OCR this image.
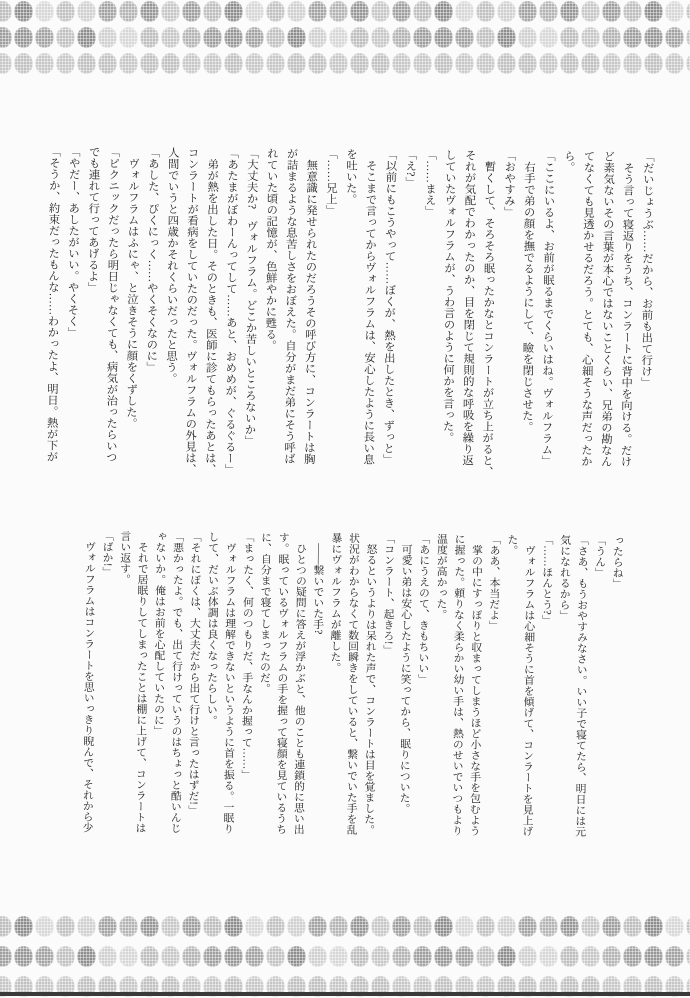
「だいじょうぶ……だから、お前も出て行け」
　そう言って寝返りをうち、コンラートに背中を向ける。だけ
ど素気ないその言葉が本心ではないことくらい、兄弟の勘なん
てなくても見透かせるだろう。とても、心細そうな声だったか
ら。
「ここにいるよ、お前が眠るまでくらいはね。ヴォルフラム」
　右手で弟の顔を撫でるようにして、瞼を閉じさせた。
「おやすみ」
　暫くして、そろそろ眠ったかなとコンラートが立ち上がると、
それが気配でわかったのか、目を閉じて規則的な呼吸を繰り返
していたヴォルフラムが、うわ言のように何かを言った。
「……まえ」
「え?」
「以前にもこうやって……ぼくが、熱を出したとき、ずっと」
　そこまで言ってからヴォルフラムは、安心したように長い息
を吐いた。
「……兄上」
　無意識に発せられたのだろうその呼び方に、コンラートは胸
が詰まるような息苦しさをおぼえた。自分がまだ弟にそう呼ば
れていた頃の記憶が、色鮮やかに甦る。
「大丈夫か?　ヴォルフラム。どこか苦しいところないか」
「あたまがぼわーんってして……あと、おめめが、ぐるぐるー」
　弟が熱を出した日。そのときも、医師に診てもらったあとは、
コンラートが看病をしていたのだった。ヴォルフラムの外見は、
人間でいうと四歳かそれくらいだったと思う。
「あした、ぴくにっく……やくそくなのに」
　ヴォルフラムはふにゃ、と泣きそうに顔をくずした。
「ピクニックだったら明日じゃなくても、病気が治ったらいつ
でも連れて行ってあげるよ」
「やだー、あしたがいい。やくそく」
「そうか、約束だったもんな……わかったよ、明日。熱が下が
ったらね」
「うん」
「さあ、もうおやすみなさい。いい子で寝てたら、明日には元
気になれるから」
「……ほんとう?」
　ヴォルフラムは心細そうに首を傾げて、コンラートを見上げ
た。
「ああ、本当だよ」
　掌の中にすっぽりと収まってしまうほど小さな手を包むよう
に握った。頼りなく柔らかい幼い手は、熱のせいでいつもより
温度が高かった。
「あにうえのて、きもちいい」
　可愛い弟は安心したように笑ってから、眠りについた。
「コンラート、起きろ!」
　怒るというよりは呆れた声で、コンラートは目を覚ました。
状況がわからなくて数回瞬きをしていると、繋いでいた手を乱
暴にヴォルフラムが離した。
　――繋いでいた手?
　ひとつの疑問に答えが浮かぶと、他のことも連鎖的に思い出
す。眠っているヴォルフラムの手を握って寝顔を見ているうち
に、自分まで寝てしまったのだ。
「まったく、何のつもりだ、手なんか握って……」
　ヴォルフラムは理解できないというように首を振る。一眠り
して、だいぶ体調は良くなったらしい。
「それにぼくは、大丈夫だから出て行けと言ったはずだ!」
「悪かったよ。でも、出て行けっていうのはちょっと酷いんじ
ゃないか。俺はお前を心配していたのに」
　それで居眠りしてしまったことは棚に上げて、コンラートは
言い返す。
「ばか!」
　ヴォルフラムはコンラートを思いっきり睨んで、それから少
